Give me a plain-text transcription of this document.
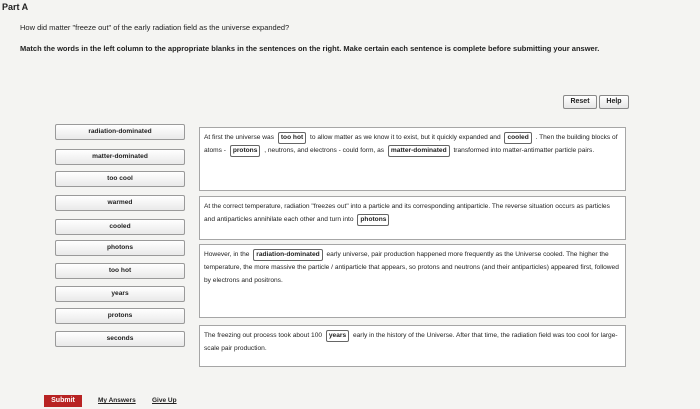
Part A
How did matter "freeze out" of the early radiation field as the universe expanded?
Match the words in the left column to the appropriate blanks in the sentences on the right. Make certain each sentence is complete before submitting your answer.
Reset	Help
radiation-dominated
matter-dominated
too cool
warmed
cooled
photons
too hot
years
protons
seconds
At first the universe was too hot to allow matter as we know it to exist, but it quickly expanded and cooled . Then the building blocks of atoms - protons , neutrons, and electrons - could form, as matter-dominated transformed into matter-antimatter particle pairs.
At the correct temperature, radiation "freezes out" into a particle and its corresponding antiparticle. The reverse situation occurs as particles and antiparticles annihilate each other and turn into photons
However, in the radiation-dominated early universe, pair production happened more frequently as the Universe cooled. The higher the temperature, the more massive the particle / antiparticle that appears, so protons and neutrons (and their antiparticles) appeared first, followed by electrons and positrons.
The freezing out process took about 100 years early in the history of the Universe. After that time, the radiation field was too cool for large-scale pair production.
Submit	My Answers	Give Up
